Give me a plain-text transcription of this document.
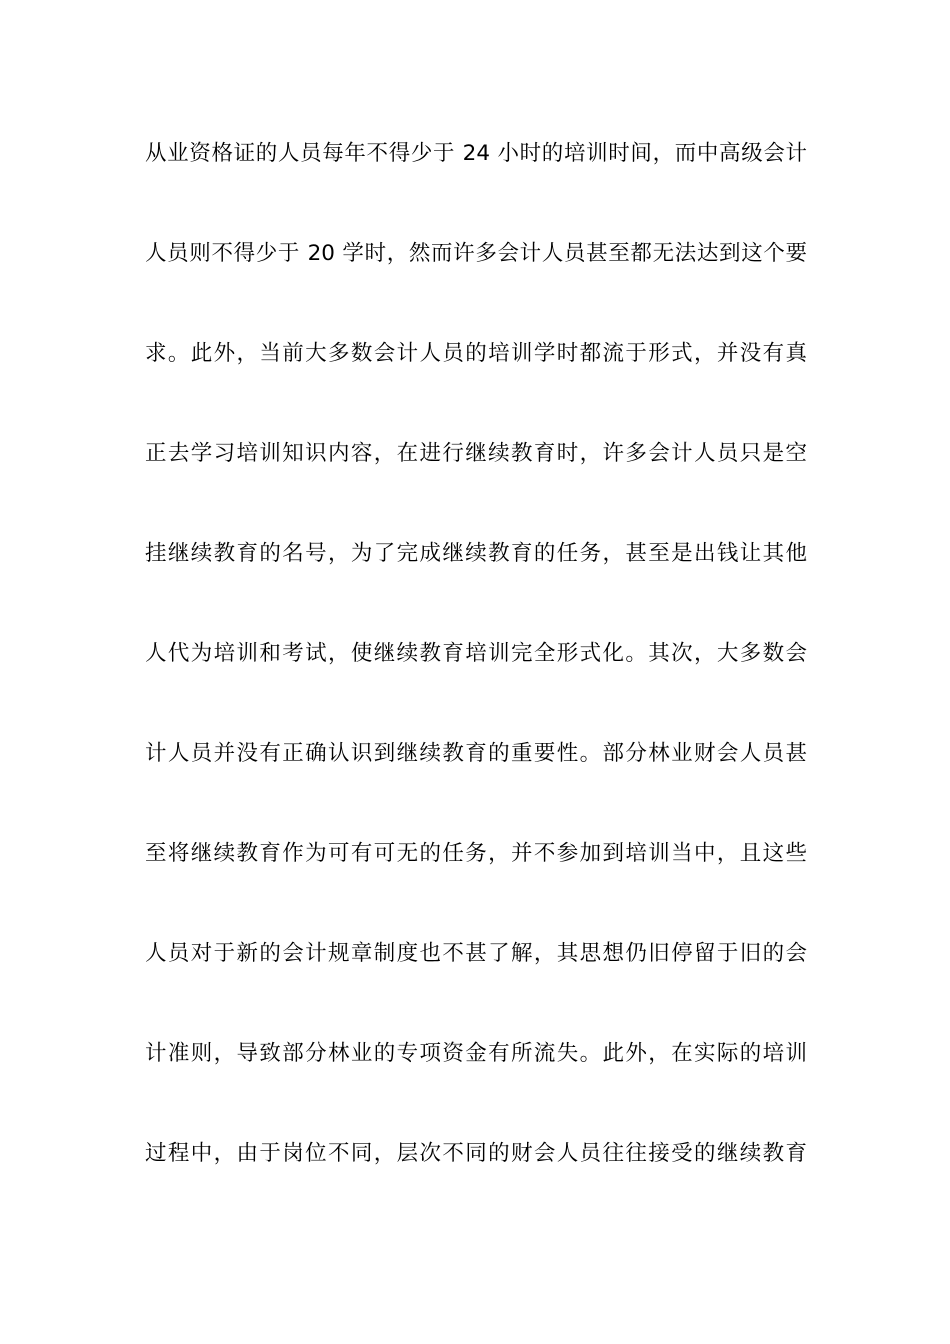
从业资格证的人员每年不得少于 24 小时的培训时间，而中高级会计
人员则不得少于 20 学时，然而许多会计人员甚至都无法达到这个要
求。此外，当前大多数会计人员的培训学时都流于形式，并没有真
正去学习培训知识内容，在进行继续教育时，许多会计人员只是空
挂继续教育的名号，为了完成继续教育的任务，甚至是出钱让其他
人代为培训和考试，使继续教育培训完全形式化。其次，大多数会
计人员并没有正确认识到继续教育的重要性。部分林业财会人员甚
至将继续教育作为可有可无的任务，并不参加到培训当中，且这些
人员对于新的会计规章制度也不甚了解，其思想仍旧停留于旧的会
计准则，导致部分林业的专项资金有所流失。此外，在实际的培训
过程中，由于岗位不同，层次不同的财会人员往往接受的继续教育
